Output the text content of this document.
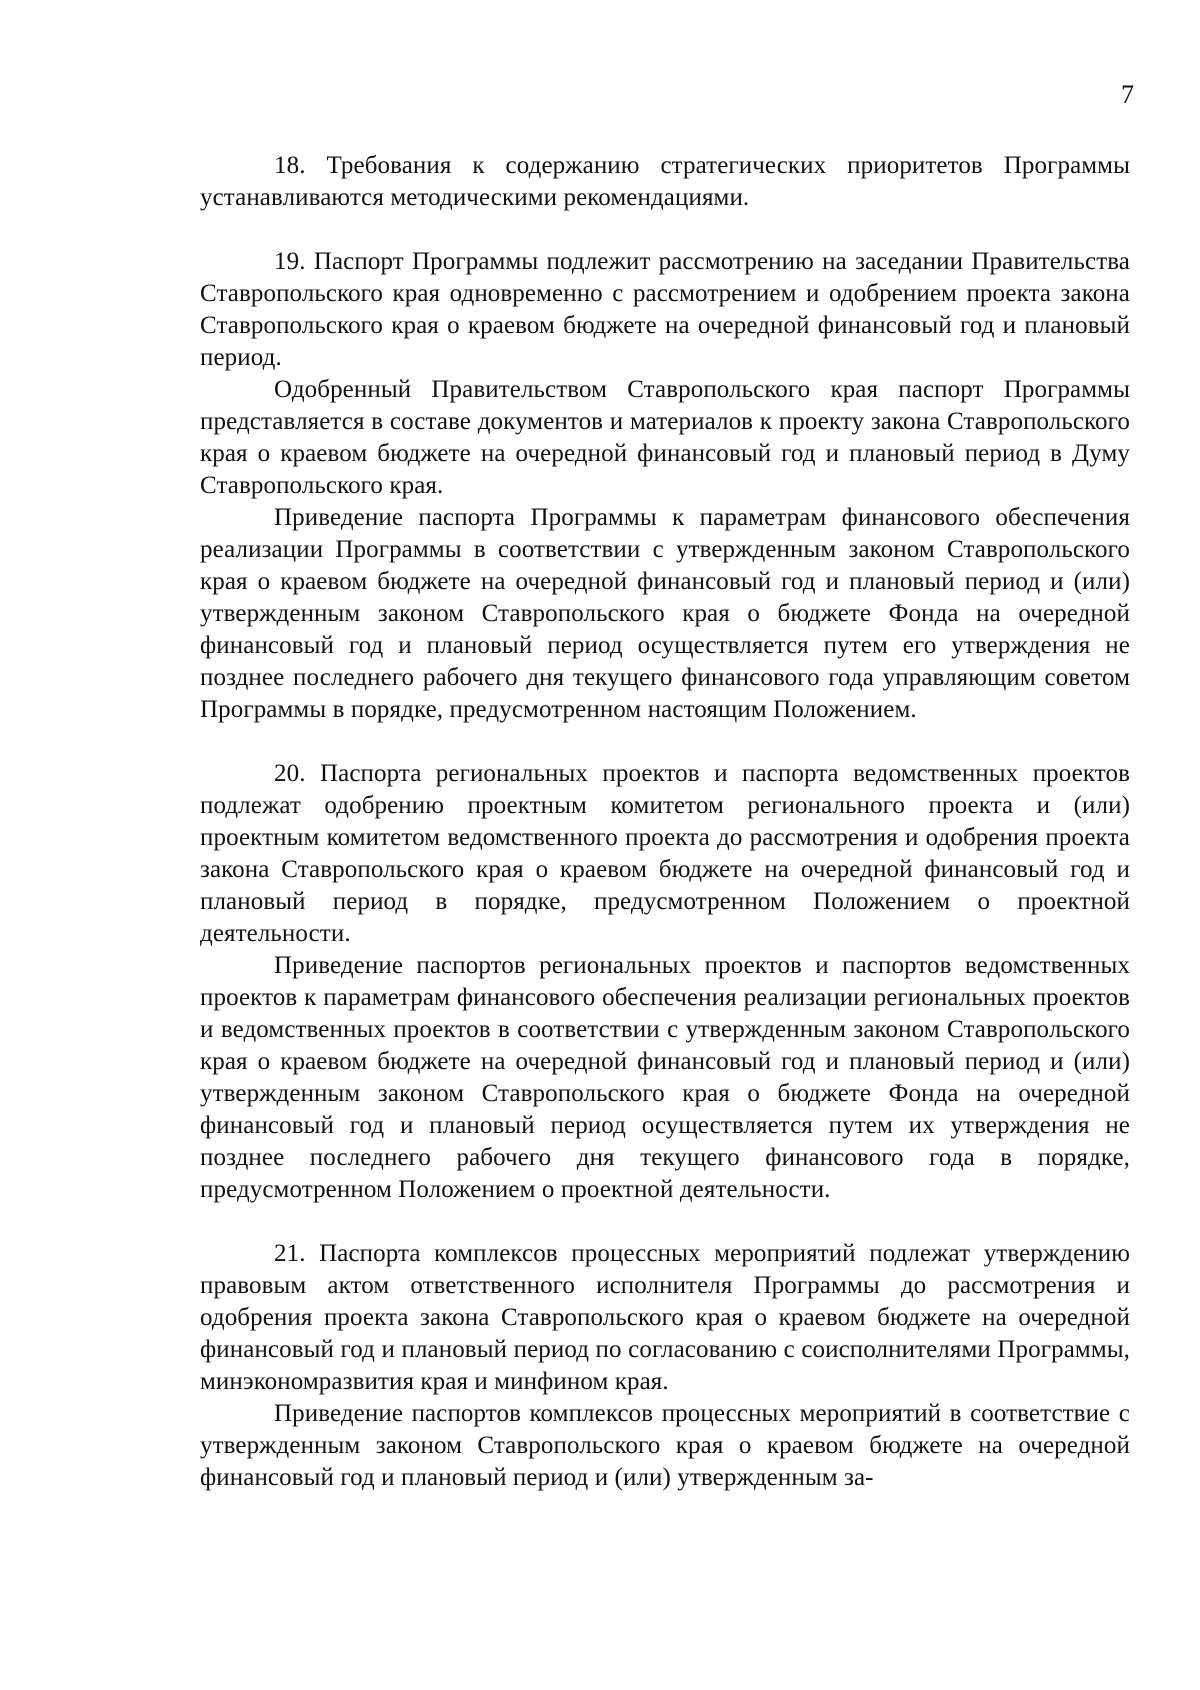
7

18. Требования к содержанию стратегических приоритетов Программы устанавливаются методическими рекомендациями.

19. Паспорт Программы подлежит рассмотрению на заседании Правительства Ставропольского края одновременно с рассмотрением и одобрением проекта закона Ставропольского края о краевом бюджете на очередной финансовый год и плановый период.

Одобренный Правительством Ставропольского края паспорт Программы представляется в составе документов и материалов к проекту закона Ставропольского края о краевом бюджете на очередной финансовый год и плановый период в Думу Ставропольского края.

Приведение паспорта Программы к параметрам финансового обеспечения реализации Программы в соответствии с утвержденным законом Ставропольского края о краевом бюджете на очередной финансовый год и плановый период и (или) утвержденным законом Ставропольского края о бюджете Фонда на очередной финансовый год и плановый период осуществляется путем его утверждения не позднее последнего рабочего дня текущего финансового года управляющим советом Программы в порядке, предусмотренном настоящим Положением.

20. Паспорта региональных проектов и паспорта ведомственных проектов подлежат одобрению проектным комитетом регионального проекта и (или) проектным комитетом ведомственного проекта до рассмотрения и одобрения проекта закона Ставропольского края о краевом бюджете на очередной финансовый год и плановый период в порядке, предусмотренном Положением о проектной деятельности.

Приведение паспортов региональных проектов и паспортов ведомственных проектов к параметрам финансового обеспечения реализации региональных проектов и ведомственных проектов в соответствии с утвержденным законом Ставропольского края о краевом бюджете на очередной финансовый год и плановый период и (или) утвержденным законом Ставропольского края о бюджете Фонда на очередной финансовый год и плановый период осуществляется путем их утверждения не позднее последнего рабочего дня текущего финансового года в порядке, предусмотренном Положением о проектной деятельности.

21. Паспорта комплексов процессных мероприятий подлежат утверждению правовым актом ответственного исполнителя Программы до рассмотрения и одобрения проекта закона Ставропольского края о краевом бюджете на очередной финансовый год и плановый период по согласованию с соисполнителями Программы, минэкономразвития края и минфином края.

Приведение паспортов комплексов процессных мероприятий в соответствие с утвержденным законом Ставропольского края о краевом бюджете на очередной финансовый год и плановый период и (или) утвержденным за-
